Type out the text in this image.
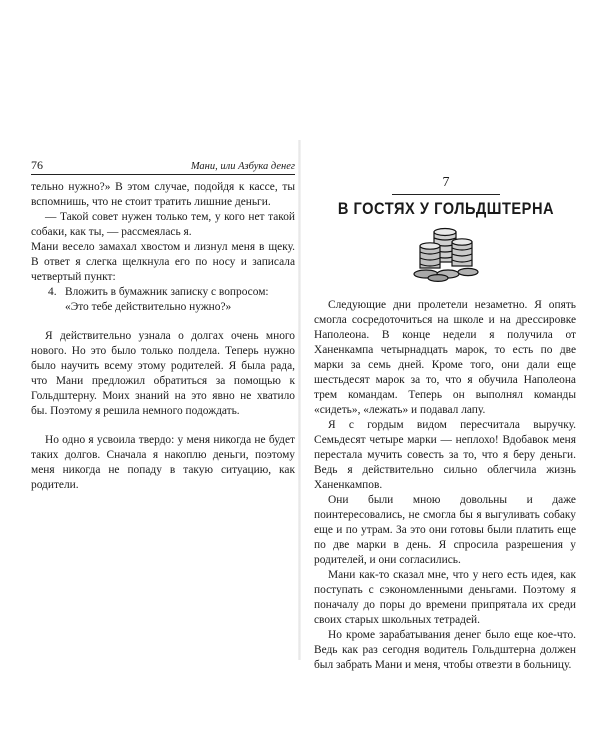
76	Мани, или Азбука денег

тельно нужно?» В этом случае, подойдя к кассе, ты вспомнишь, что не стоит тратить лишние деньги.

— Такой совет нужен только тем, у кого нет такой собаки, как ты, — рассмеялась я.

Мани весело замахал хвостом и лизнул меня в щеку. В ответ я слегка щелкнула его по носу и записала четвертый пункт:

4. Вложить в бумажник записку с вопросом: «Это тебе действительно нужно?»

Я действительно узнала о долгах очень много нового. Но это было только полдела. Теперь нужно было научить всему этому родителей. Я была рада, что Мани предложил обратиться за помощью к Гольдштерну. Моих знаний на это явно не хватило бы. Поэтому я решила немного подождать.

Но одно я усвоила твердо: у меня никогда не будет таких долгов. Сначала я накоплю деньги, поэтому меня никогда не попаду в такую ситуацию, как родители.

7
В ГОСТЯХ У ГОЛЬДШТЕРНА

Следующие дни пролетели незаметно. Я опять смогла сосредоточиться на школе и на дрессировке Наполеона. В конце недели я получила от Ханенкампа четырнадцать марок, то есть по две марки за семь дней. Кроме того, они дали еще шестьдесят марок за то, что я обучила Наполеона трем командам. Теперь он выполнял команды «сидеть», «лежать» и подавал лапу.

Я с гордым видом пересчитала выручку. Семьдесят четыре марки — неплохо! Вдобавок меня перестала мучить совесть за то, что я беру деньги. Ведь я действительно сильно облегчила жизнь Ханенкампов.

Они были мною довольны и даже поинтересовались, не смогла бы я выгуливать собаку еще и по утрам. За это они готовы были платить еще по две марки в день. Я спросила разрешения у родителей, и они согласились.

Мани как-то сказал мне, что у него есть идея, как поступать с сэкономленными деньгами. Поэтому я поначалу до поры до времени припрятала их среди своих старых школьных тетрадей.

Но кроме зарабатывания денег было еще кое-что. Ведь как раз сегодня водитель Гольдштерна должен был забрать Мани и меня, чтобы отвезти в больницу.
